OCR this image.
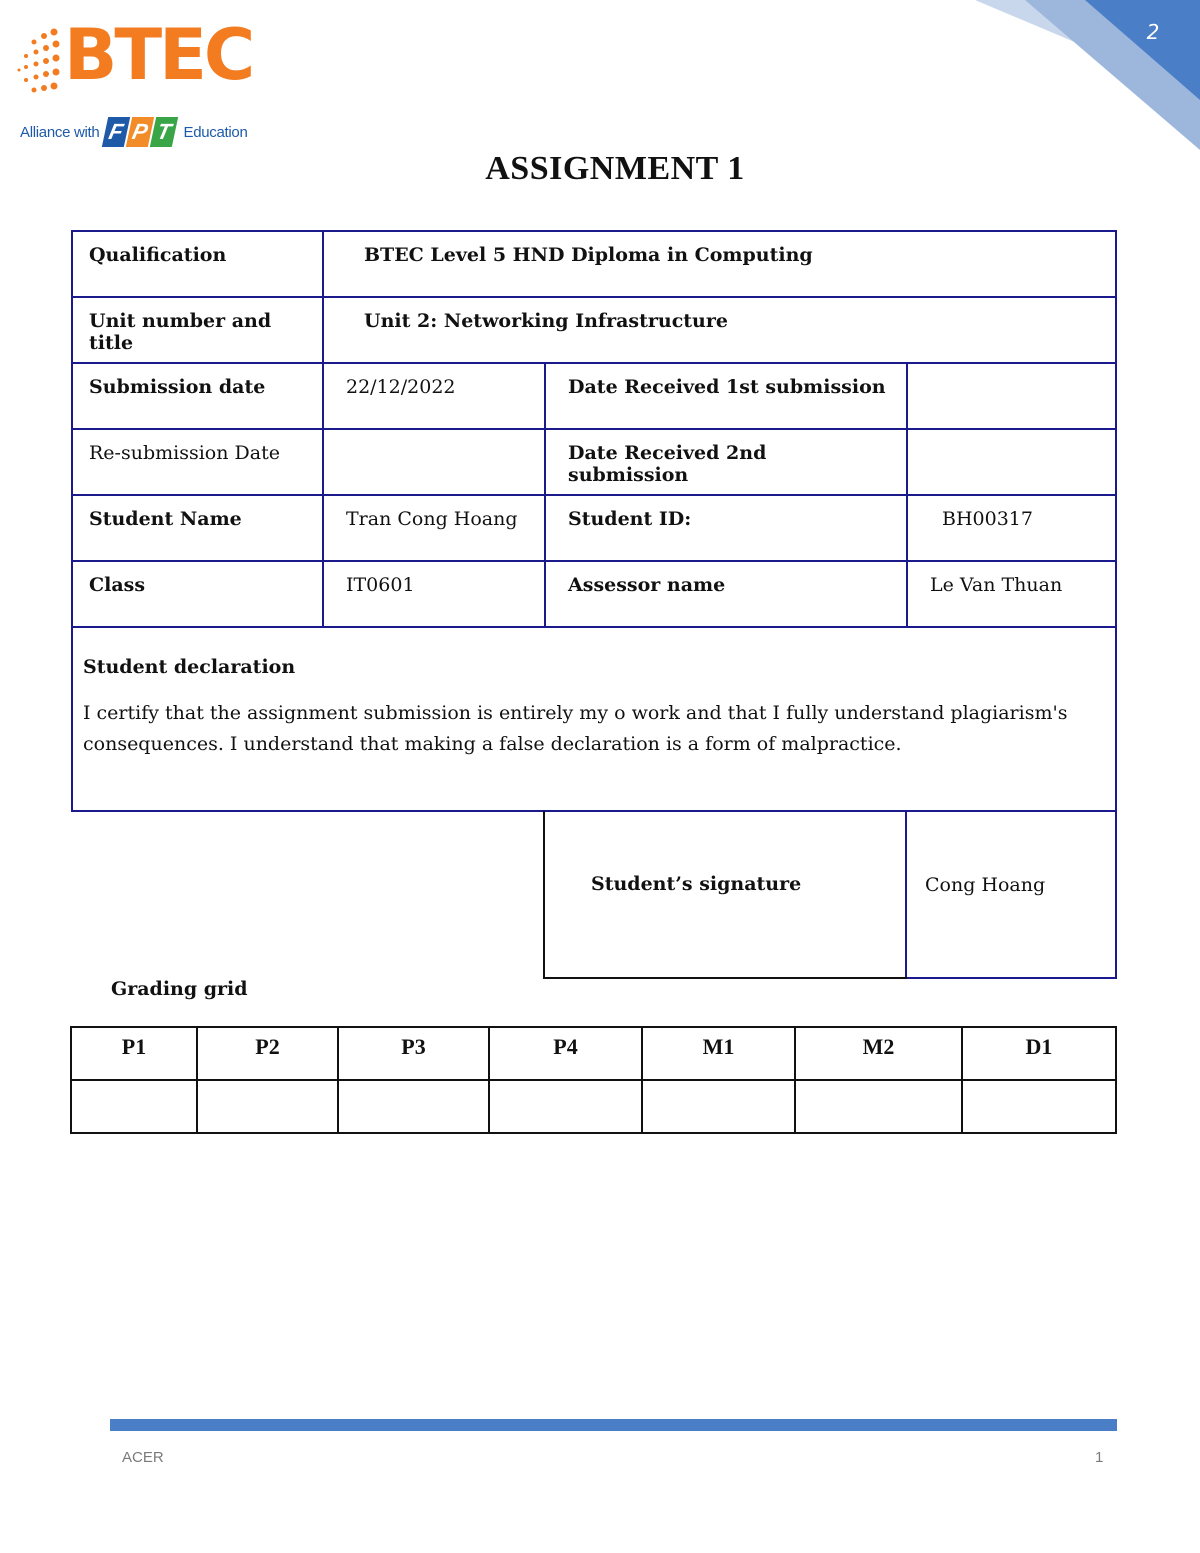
BTEC
Alliance with F P T Education
2
ASSIGNMENT 1
Qualification	BTEC Level 5 HND Diploma in Computing		
Unit number and title	Unit 2: Networking Infrastructure		
Submission date	22/12/2022	Date Received 1st submission	
Re-submission Date		Date Received 2nd submission	
Student Name	Tran Cong Hoang	Student ID:	BH00317
Class	IT0601	Assessor name	Le Van Thuan

Student declaration
I certify that the assignment submission is entirely my o work and that I fully understand plagiarism's consequences. I understand that making a false declaration is a form of malpractice.			
Student’s signature	Cong Hoang
Grading grid
P1	P2	P3	P4	M1	M2	D1

ACER	1
